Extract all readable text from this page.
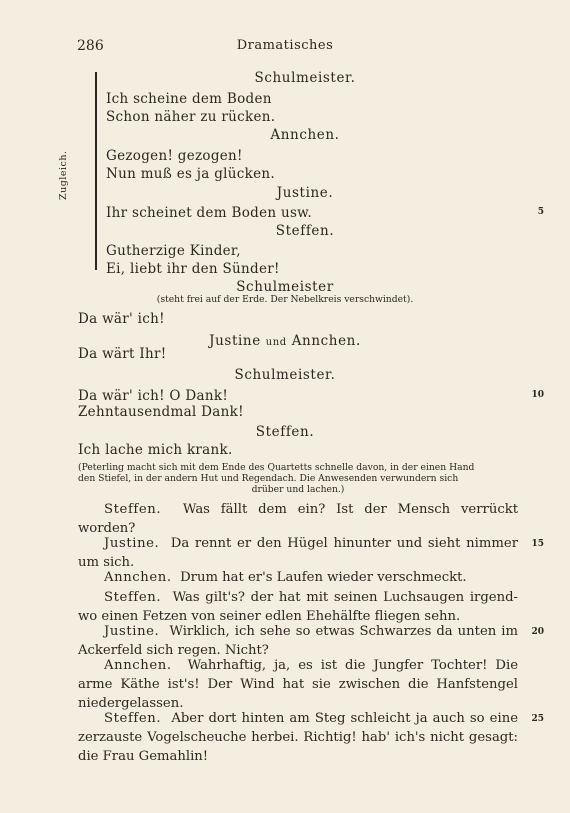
286	Dramatisches
Zugleich.
Schulmeister.
Ich scheine dem Boden
Schon näher zu rücken.
Annchen.
Gezogen! gezogen!
Nun muß es ja glücken.
Justine.
Ihr scheinet dem Boden usw.	5
Steffen.
Gutherzige Kinder,
Ei, liebt ihr den Sünder!
Schulmeister
(steht frei auf der Erde. Der Nebelkreis verschwindet).
Da wär' ich!
Justine und Annchen.
Da wärt Ihr!
Schulmeister.
Da wär' ich! O Dank!	10
Zehntausendmal Dank!
Steffen.
Ich lache mich krank.
(Peterling macht sich mit dem Ende des Quartetts schnelle davon, in der einen Hand
den Stiefel, in der andern Hut und Regendach. Die Anwesenden verwundern sich
drüber und lachen.)
Steffen. Was fällt dem ein? Ist der Mensch verrückt worden?
Justine. Da rennt er den Hügel hinunter und sieht nimmer um sich.
15
Annchen. Drum hat er's Laufen wieder verschmeckt.
Steffen. Was gilt's? der hat mit seinen Luchsaugen irgend- wo einen Fetzen von seiner edlen Ehehälfte fliegen sehn.
Justine. Wirklich, ich sehe so etwas Schwarzes da unten im Ackerfeld sich regen. Nicht?
20
Annchen. Wahrhaftig, ja, es ist die Jungfer Tochter! Die arme Käthe ist's! Der Wind hat sie zwischen die Hanfstengel niedergelassen.
Steffen. Aber dort hinten am Steg schleicht ja auch so eine zerzauste Vogelscheuche herbei. Richtig! hab' ich's nicht gesagt: die Frau Gemahlin!
25
